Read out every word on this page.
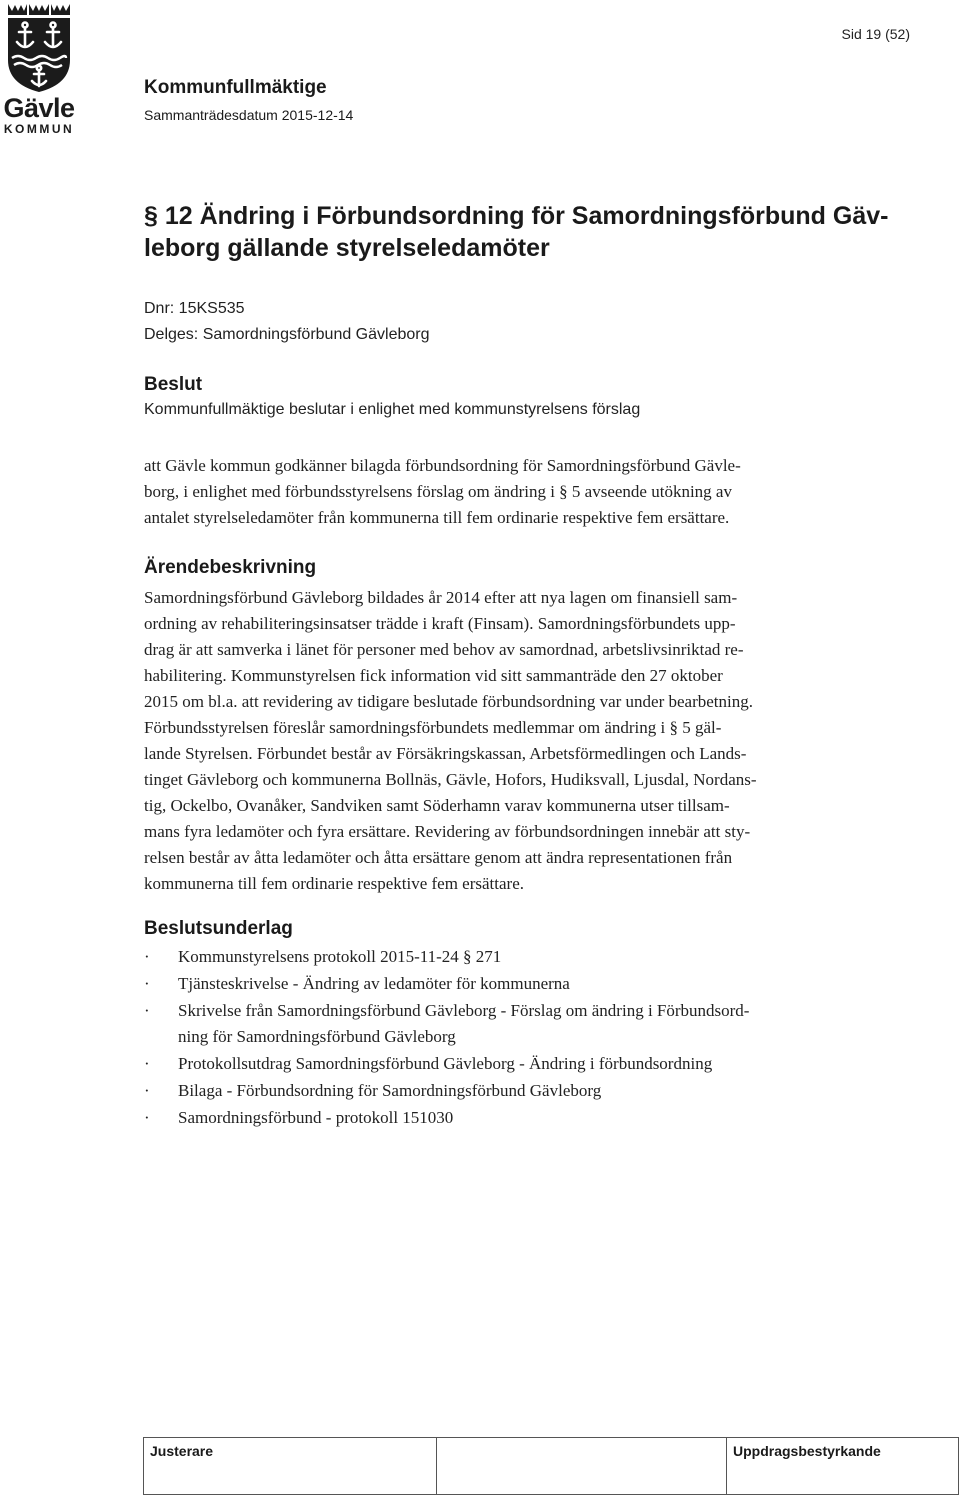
Gävle
KOMMUN
Sid 19 (52)
Kommunfullmäktige
Sammanträdesdatum 2015-12-14
§ 12 Ändring i Förbundsordning för Samordningsförbund Gäv-
leborg gällande styrelseledamöter
Dnr: 15KS535
Delges: Samordningsförbund Gävleborg
Beslut
Kommunfullmäktige beslutar i enlighet med kommunstyrelsens förslag
att Gävle kommun godkänner bilagda förbundsordning för Samordningsförbund Gävle-
borg, i enlighet med förbundsstyrelsens förslag om ändring i § 5 avseende utökning av
antalet styrelseledamöter från kommunerna till fem ordinarie respektive fem ersättare.
Ärendebeskrivning
Samordningsförbund Gävleborg bildades år 2014 efter att nya lagen om finansiell sam-
ordning av rehabiliteringsinsatser trädde i kraft (Finsam). Samordningsförbundets upp-
drag är att samverka i länet för personer med behov av samordnad, arbetslivsinriktad re-
habilitering. Kommunstyrelsen fick information vid sitt sammanträde den 27 oktober
2015 om bl.a. att revidering av tidigare beslutade förbundsordning var under bearbetning.
Förbundsstyrelsen föreslår samordningsförbundets medlemmar om ändring i § 5 gäl-
lande Styrelsen. Förbundet består av Försäkringskassan, Arbetsförmedlingen och Lands-
tinget Gävleborg och kommunerna Bollnäs, Gävle, Hofors, Hudiksvall, Ljusdal, Nordans-
tig, Ockelbo, Ovanåker, Sandviken samt Söderhamn varav kommunerna utser tillsam-
mans fyra ledamöter och fyra ersättare. Revidering av förbundsordningen innebär att sty-
relsen består av åtta ledamöter och åtta ersättare genom att ändra representationen från
kommunerna till fem ordinarie respektive fem ersättare.
Beslutsunderlag
· Kommunstyrelsens protokoll 2015-11-24 § 271
· Tjänsteskrivelse - Ändring av ledamöter för kommunerna
· Skrivelse från Samordningsförbund Gävleborg - Förslag om ändring i Förbundsord-
ning för Samordningsförbund Gävleborg
· Protokollsutdrag Samordningsförbund Gävleborg - Ändring i förbundsordning
· Bilaga - Förbundsordning för Samordningsförbund Gävleborg
· Samordningsförbund - protokoll 151030
Justerare	Uppdragsbestyrkande
